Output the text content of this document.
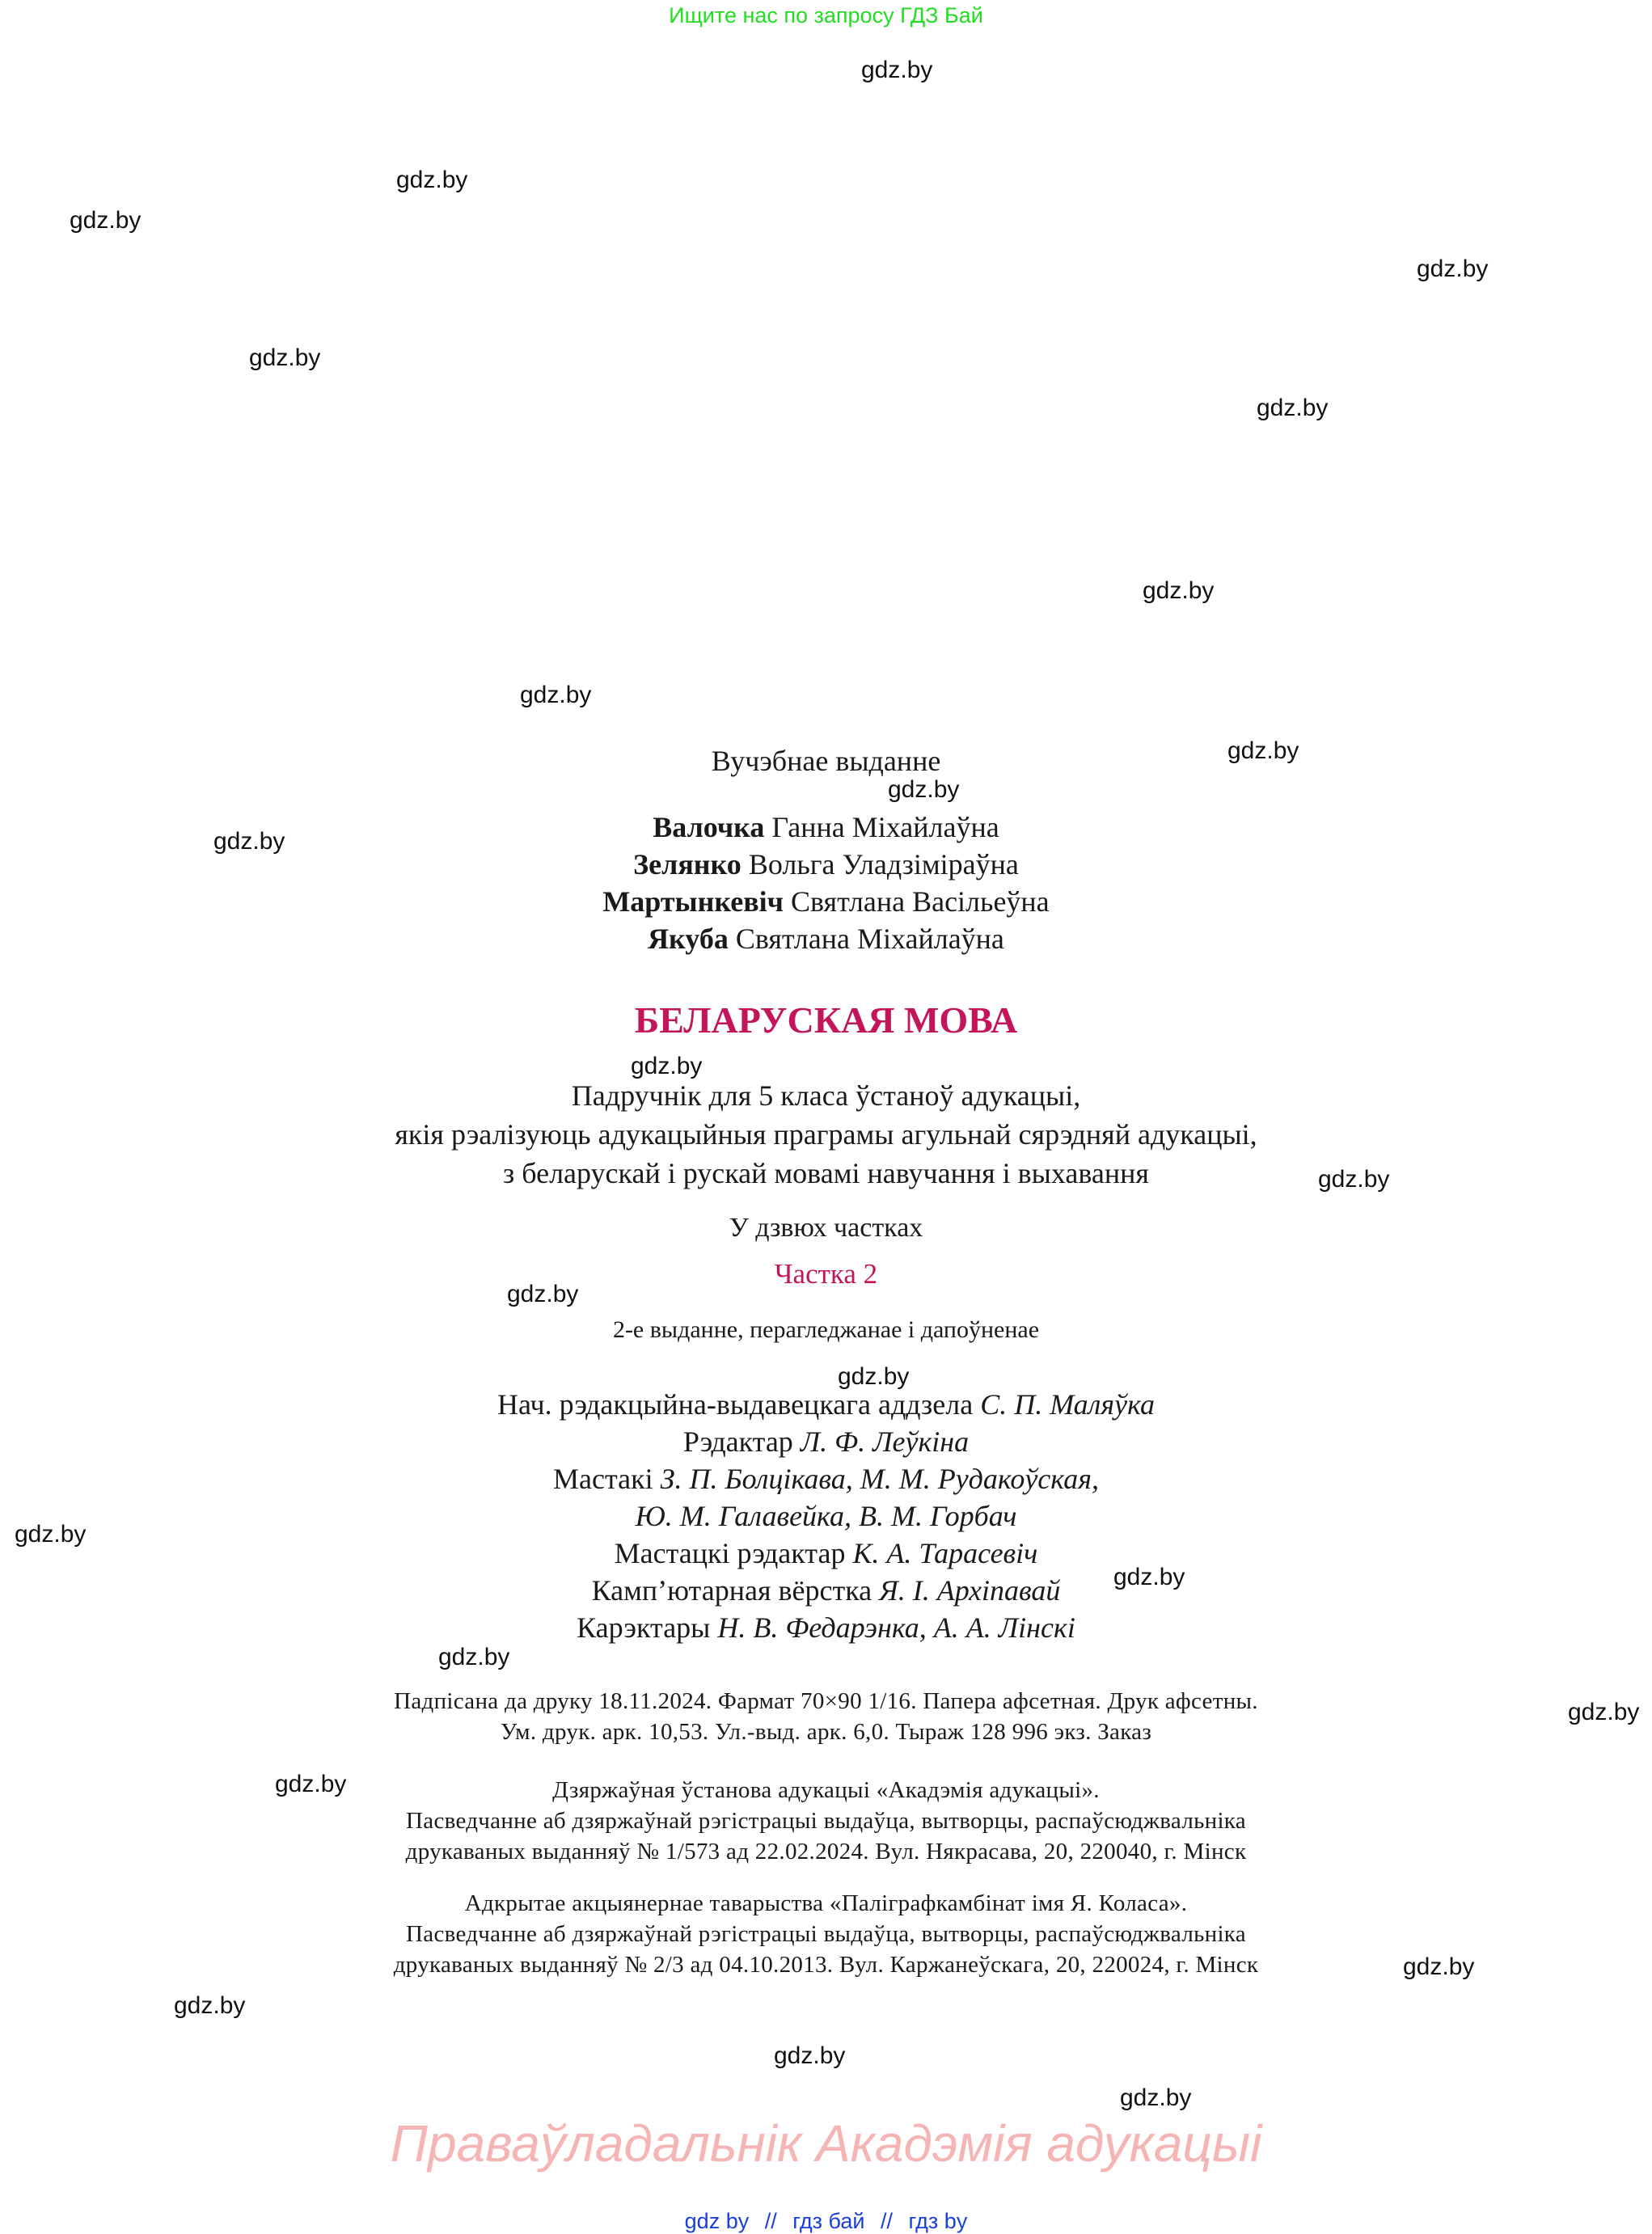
Ищите нас по запросу ГДЗ Бай
gdz.by
gdz.by
gdz.by
gdz.by
gdz.by
gdz.by
gdz.by
gdz.by
gdz.by
gdz.by
gdz.by
gdz.by
gdz.by
gdz.by
gdz.by
gdz.by
gdz.by
gdz.by
gdz.by
gdz.by
gdz.by
gdz.by
gdz.by
gdz.by
Вучэбнае выданне
Валочка Ганна Міхайлаўна
Зелянко Вольга Уладзіміраўна
Мартынкевіч Святлана Васільеўна
Якуба Святлана Міхайлаўна
БЕЛАРУСКАЯ МОВА
Падручнік для 5 класа ўстаноў адукацыі,
якія рэалізуюць адукацыйныя праграмы агульнай сярэдняй адукацыі,
з беларускай і рускай мовамі навучання і выхавання
У дзвюх частках
Частка 2
2-е выданне, перагледжанае і дапоўненае
Нач. рэдакцыйна-выдавецкага аддзела С. П. Маляўка
Рэдактар Л. Ф. Леўкіна
Мастакі З. П. Болцікава, М. М. Рудакоўская,
Ю. М. Галавейка, В. М. Горбач
Мастацкі рэдактар К. А. Тарасевіч
Камп’ютарная вёрстка Я. І. Архіпавай
Карэктары Н. В. Федарэнка, А. А. Лінскі
Падпісана да друку 18.11.2024. Фармат 70×90 1/16. Папера афсетная. Друк афсетны.
Ум. друк. арк. 10,53. Ул.-выд. арк. 6,0. Тыраж 128 996 экз. Заказ
Дзяржаўная ўстанова адукацыі «Акадэмія адукацыі».
Пасведчанне аб дзяржаўнай рэгістрацыі выдаўца, вытворцы, распаўсюджвальніка
друкаваных выданняў № 1/573 ад 22.02.2024. Вул. Някрасава, 20, 220040, г. Мінск
Адкрытае акцыянернае таварыства «Паліграфкамбінат імя Я. Коласа».
Пасведчанне аб дзяржаўнай рэгістрацыі выдаўца, вытворцы, распаўсюджвальніка
друкаваных выданняў № 2/3 ад 04.10.2013. Вул. Каржанеўскага, 20, 220024, г. Мінск
Праваўладальнік Акадэмія адукацыі
gdz by // гдз бай // гдз by
